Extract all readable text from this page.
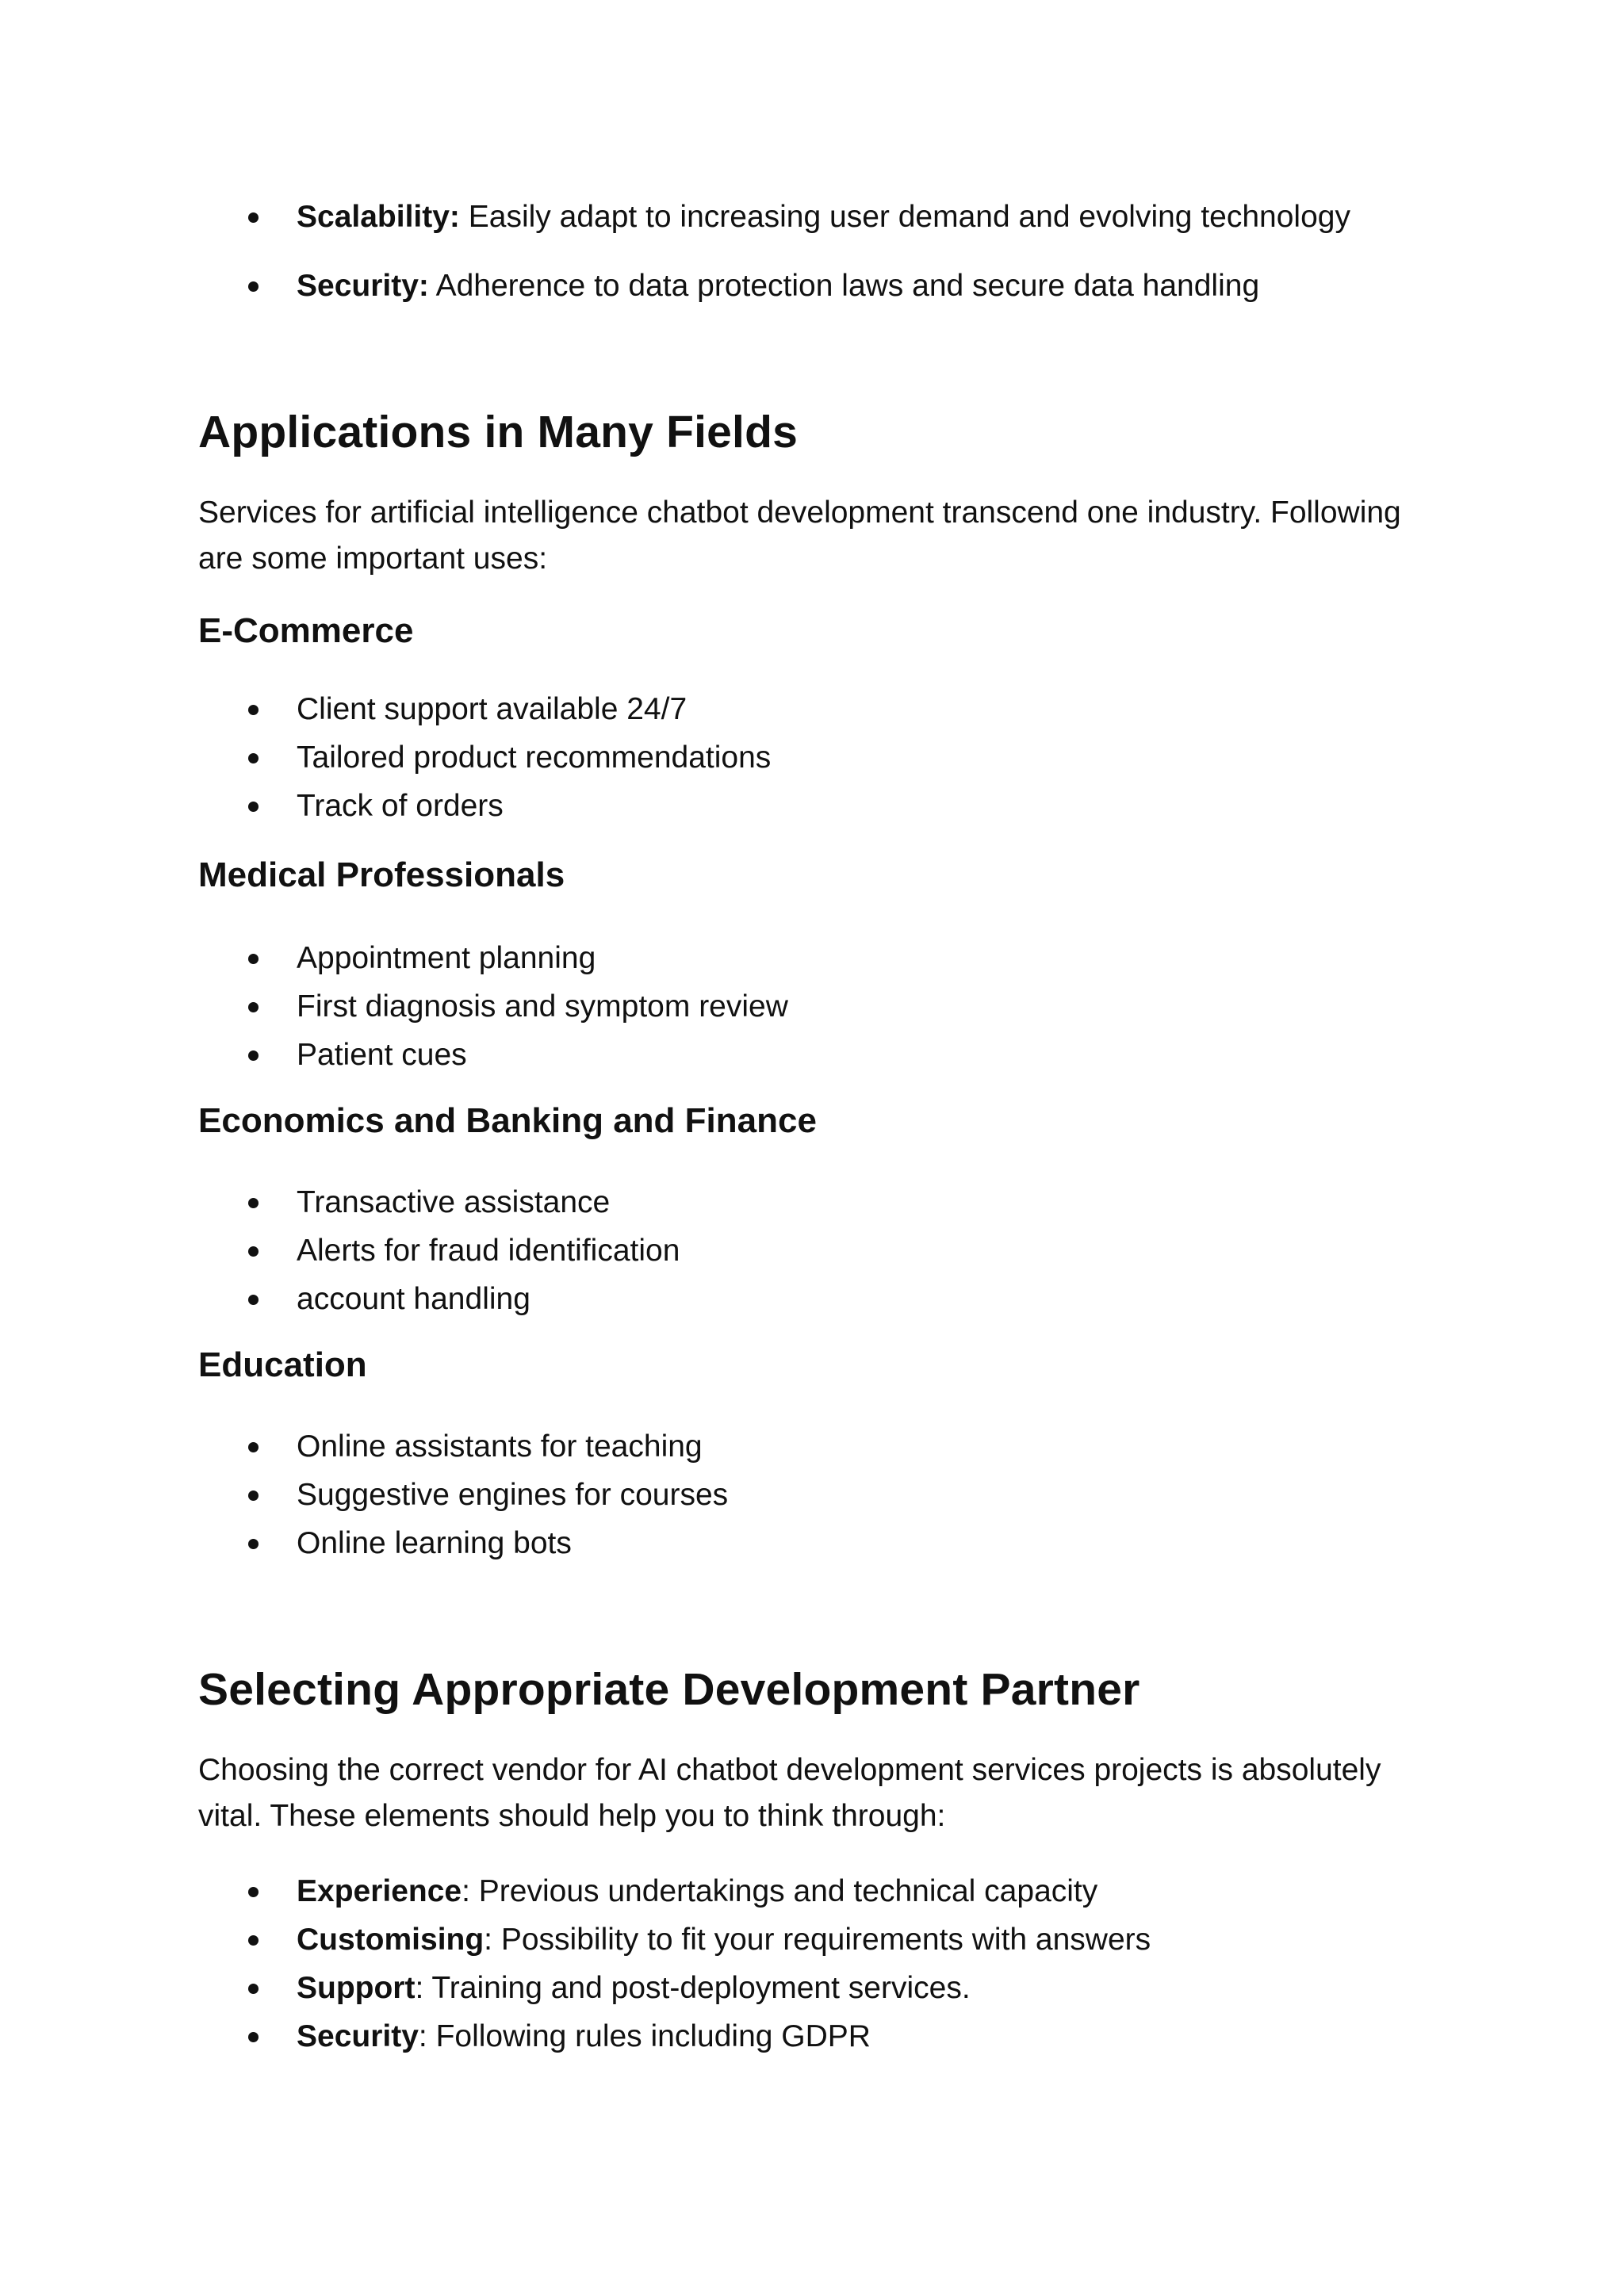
Scalability: Easily adapt to increasing user demand and evolving technology
Security: Adherence to data protection laws and secure data handling
Applications in Many Fields

Services for artificial intelligence chatbot development transcend one industry. Following are some important uses:

E-Commerce
Client support available 24/7
Tailored product recommendations
Track of orders
Medical Professionals
Appointment planning
First diagnosis and symptom review
Patient cues
Economics and Banking and Finance
Transactive assistance
Alerts for fraud identification
account handling
Education
Online assistants for teaching
Suggestive engines for courses
Online learning bots
Selecting Appropriate Development Partner

Choosing the correct vendor for AI chatbot development services projects is absolutely vital. These elements should help you to think through:

Experience: Previous undertakings and technical capacity
Customising: Possibility to fit your requirements with answers
Support: Training and post-deployment services.
Security: Following rules including GDPR
